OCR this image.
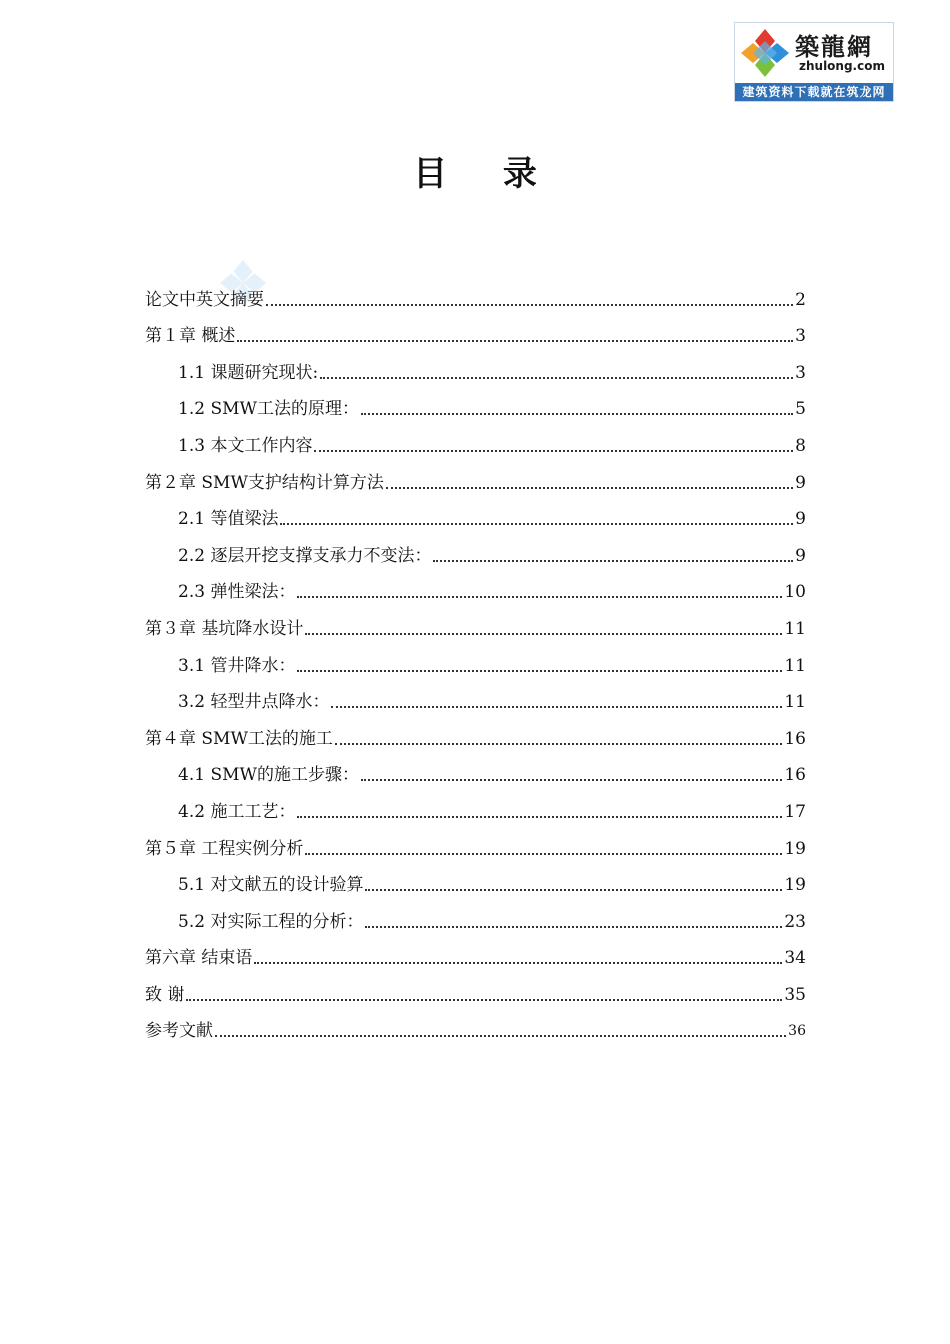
築龍網
zhulong.com
建筑资料下载就在筑龙网
目 录
论文中英文摘要	2
第１章 概述	3
1.1 课题研究现状:	3
1.2 SMW工法的原理：	5
1.3 本文工作内容	8
第２章 SMW支护结构计算方法	9
2.1 等值梁法	9
2.2 逐层开挖支撑支承力不变法：	9
2.3 弹性梁法：	10
第３章 基坑降水设计	11
3.1 管井降水：	11
3.2 轻型井点降水：	11
第４章 SMW工法的施工	16
4.1 SMW的施工步骤：	16
4.2 施工工艺：	17
第５章 工程实例分析	19
5.1 对文献五的设计验算	19
5.2 对实际工程的分析：	23
第六章 结束语	34
致 谢	35
参考文献	36
